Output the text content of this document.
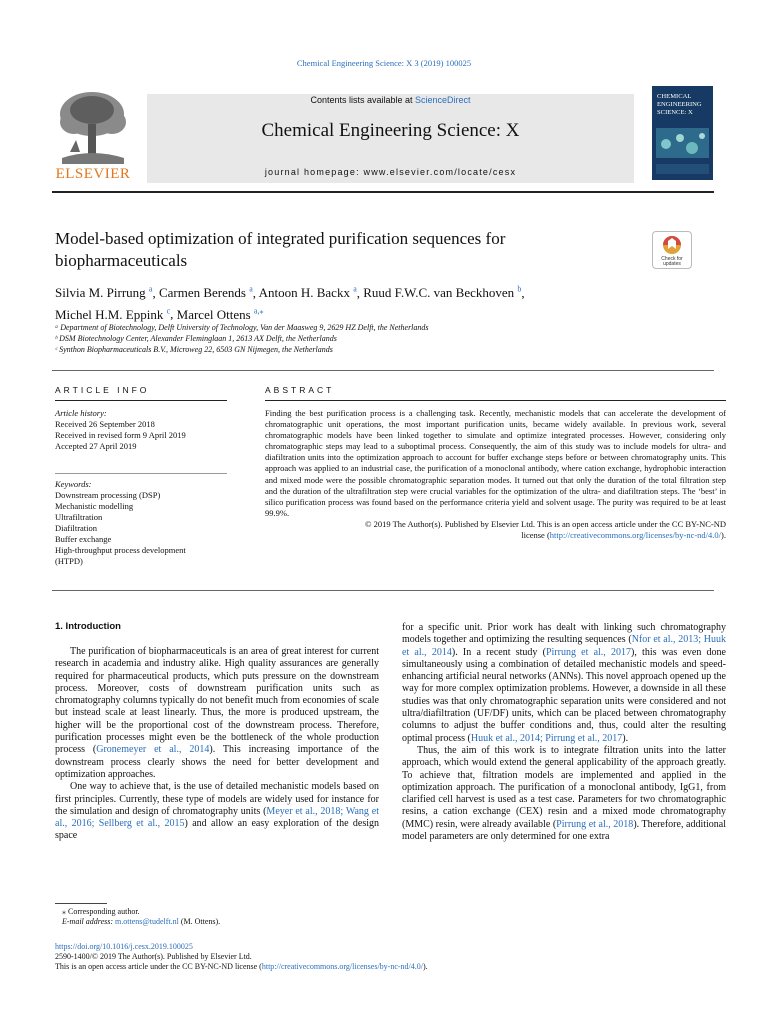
Chemical Engineering Science: X 3 (2019) 100025
ELSEVIER
Contents lists available at ScienceDirect
Chemical Engineering Science: X
journal homepage: www.elsevier.com/locate/cesx
CHEMICAL
ENGINEERING
SCIENCE: X
Model-based optimization of integrated purification sequences for biopharmaceuticals	Check for
updates
Silvia M. Pirrung $^a$, Carmen Berends $^a$, Antoon H. Backx $^a$, Ruud F.W.C. van Beckhoven $^b$,
Michel H.M. Eppink $^c$, Marcel Ottens $^{a,⁎}$
ᵃ Department of Biotechnology, Delft University of Technology, Van der Maasweg 9, 2629 HZ Delft, the Netherlands
ᵇ DSM Biotechnology Center, Alexander Fleminglaan 1, 2613 AX Delft, the Netherlands
ᶜ Synthon Biopharmaceuticals B.V., Microweg 22, 6503 GN Nijmegen, the Netherlands
ARTICLE INFO
Article history:
Received 26 September 2018
Received in revised form 9 April 2019
Accepted 27 April 2019
Keywords:
Downstream processing (DSP)
Mechanistic modelling
Ultrafiltration
Diafiltration
Buffer exchange
High-throughput process development
(HTPD)
ABSTRACT
Finding the best purification process is a challenging task. Recently, mechanistic models that can accelerate the development of chromatographic unit operations, the most important purification units, became widely available. In previous work, several chromatographic models have been linked together to simulate and optimize integrated processes. However, considering only chromatographic steps may lead to a suboptimal process. Consequently, the aim of this study was to include models for ultra- and diafiltration units into the optimization approach to account for buffer exchange steps before or between chromatography units. This approach was applied to an industrial case, the purification of a monoclonal antibody, where cation exchange, hydrophobic interaction and mixed mode were the possible chromatographic separation modes. It turned out that only the duration of the total filtration step and the duration of the ultrafiltration step were crucial variables for the optimization of the ultra- and diafiltration steps. The ‘best’ in silico purification process was found based on the performance criteria yield and solvent usage. The purity was required to be at least 99.9%.
© 2019 The Author(s). Published by Elsevier Ltd. This is an open access article under the CC BY-NC-ND
license (http://creativecommons.org/licenses/by-nc-nd/4.0/).
1. Introduction

The purification of biopharmaceuticals is an area of great interest for current research in academia and industry alike. High quality assurances are generally required for pharmaceutical products, which puts pressure on the downstream process. Moreover, costs of downstream purification units such as chromatography columns typically do not benefit much from economies of scale but instead scale at least linearly. Thus, the more is produced upstream, the higher will be the proportional cost of the downstream process. Therefore, purification processes might even be the bottleneck of the whole production process (Gronemeyer et al., 2014). This increasing importance of the downstream process clearly shows the need for better development and optimization approaches.

One way to achieve that, is the use of detailed mechanistic models based on first principles. Currently, these type of models are widely used for instance for the simulation and design of chromatography units (Meyer et al., 2018; Wang et al., 2016; Sellberg et al., 2015) and allow an easy exploration of the design space

for a specific unit. Prior work has dealt with linking such chromatography models together and optimizing the resulting sequences (Nfor et al., 2013; Huuk et al., 2014). In a recent study (Pirrung et al., 2017), this was even done simultaneously using a combination of detailed mechanistic models and speed-enhancing artificial neural networks (ANNs). This novel approach opened up the way for more complex optimization problems. However, a downside in all these studies was that only chromatographic separation units were considered and not ultra/diafiltration (UF/DF) units, which can be placed between chromatography columns to adjust the buffer conditions and, thus, could alter the resulting optimal process (Huuk et al., 2014; Pirrung et al., 2017).

Thus, the aim of this work is to integrate filtration units into the latter approach, which would extend the general applicability of the approach greatly. To achieve that, filtration models are implemented and applied in the optimization approach. The purification of a monoclonal antibody, IgG1, from clarified cell harvest is used as a test case. Parameters for two chromatographic resins, a cation exchange (CEX) resin and a mixed mode chromatography (MMC) resin, were already available (Pirrung et al., 2018). Therefore, additional model parameters are only determined for one extra

⁎ Corresponding author.
E-mail address: m.ottens@tudelft.nl (M. Ottens).
https://doi.org/10.1016/j.cesx.2019.100025
2590-1400/© 2019 The Author(s). Published by Elsevier Ltd.
This is an open access article under the CC BY-NC-ND license (http://creativecommons.org/licenses/by-nc-nd/4.0/).
